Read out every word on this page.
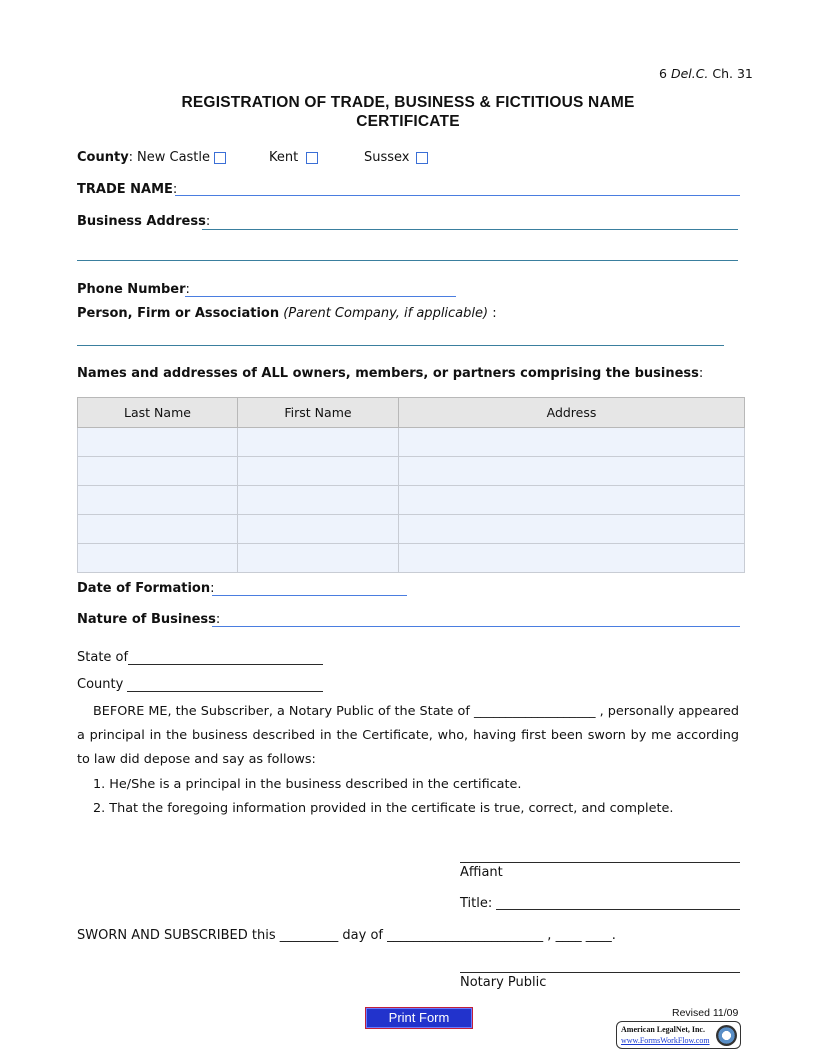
6 Del.C. Ch. 31
REGISTRATION OF TRADE, BUSINESS & FICTITIOUS NAME
CERTIFICATE
County: New Castle	Kent	Sussex
TRADE NAME:
Business Address:
Phone Number:
Person, Firm or Association (Parent Company, if applicable) :
Names and addresses of ALL owners, members, or partners comprising the business:
Last Name	First Name	Address

Date of Formation:
Nature of Business:
State of
County
BEFORE ME, the Subscriber, a Notary Public of the State of ___________________ , personally appeared a principal in the business described in the Certificate, who, having first been sworn by me according to law did depose and say as follows:
1. He/She is a principal in the business described in the certificate.
2. That the foregoing information provided in the certificate is true, correct, and complete.
Affiant
Title:
SWORN AND SUBSCRIBED this _________ day of ________________________ , ____ ____.
Notary Public
Print Form	Revised 11/09
American LegalNet, Inc.
www.FormsWorkFlow.com
